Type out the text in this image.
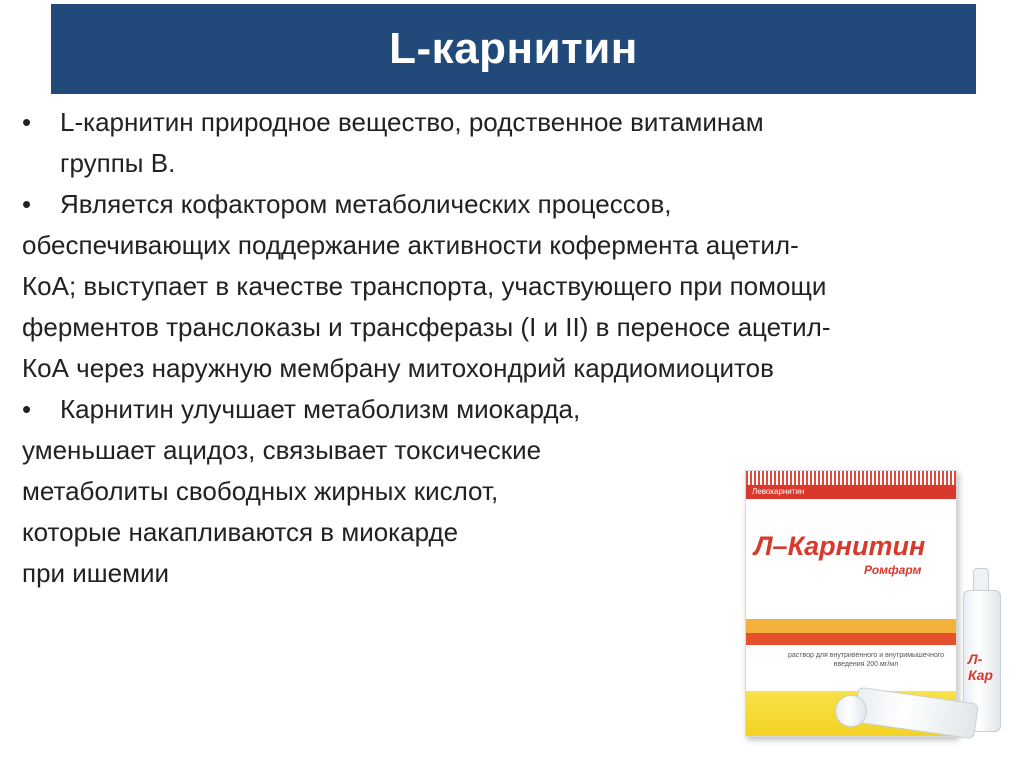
L-карнитин
• L-карнитин природное вещество, родственное витаминам
группы В.
• Является кофактором метаболических процессов,
обеспечивающих поддержание активности кофермента ацетил-
КоА; выступает в качестве транспорта, участвующего при помощи
ферментов транслоказы и трансферазы (I и II) в переносе ацетил-
КоА через наружную мембрану митохондрий кардиомиоцитов
• Карнитин улучшает метаболизм миокарда,
уменьшает ацидоз, связывает токсические
метаболиты свободных жирных кислот,
которые накапливаются в миокарде
при ишемии
Левокарнитин
Л–Карнитин
Ромфарм
раствор для внутривенного и внутримышечного введения 200 мг/мл	Л-Кар
